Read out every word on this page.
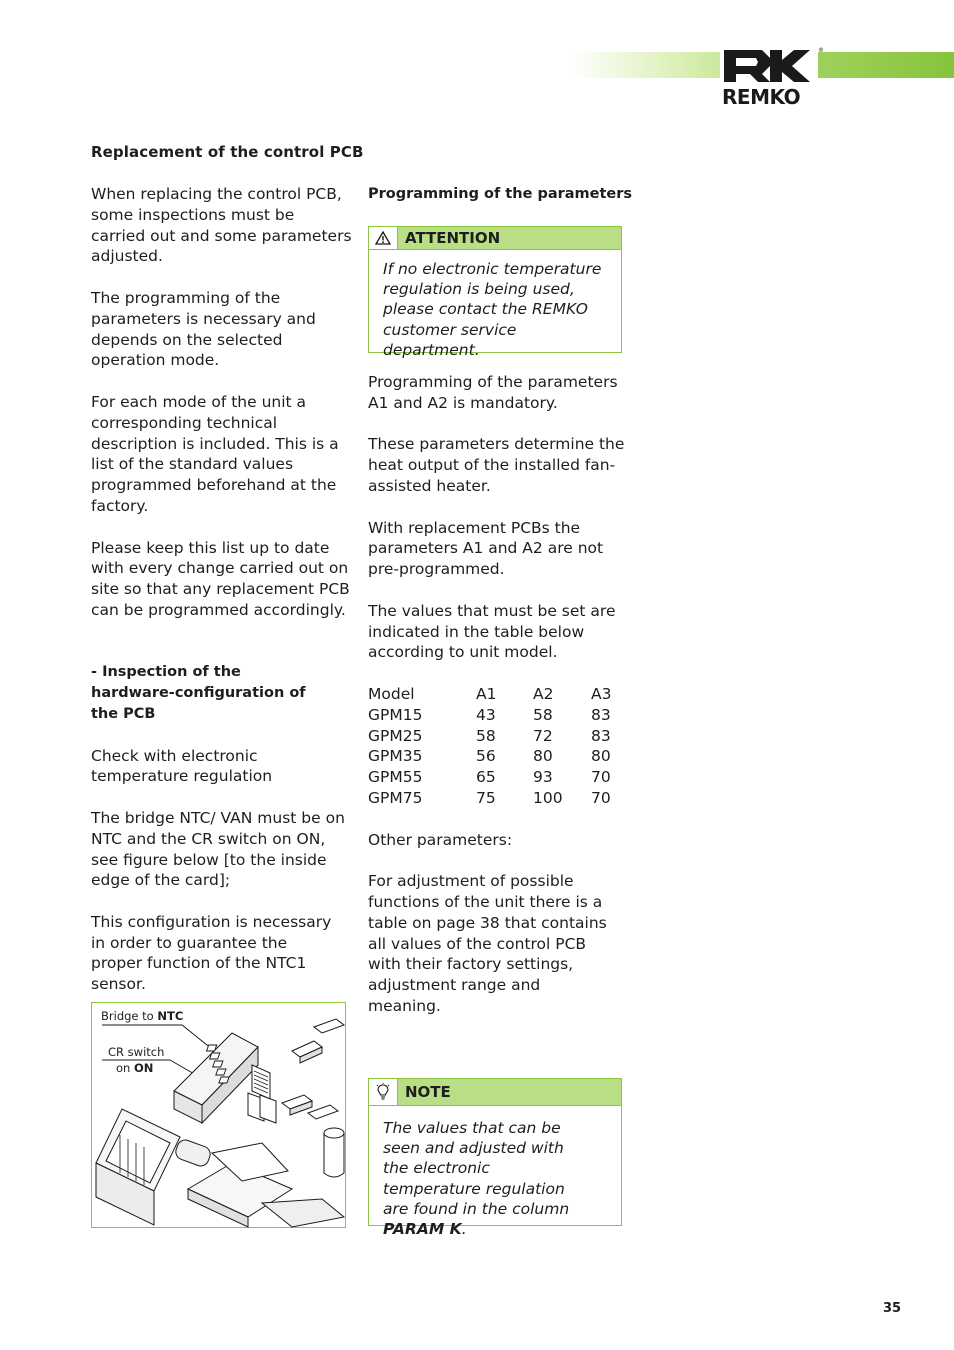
®
REMKO
Replacement of the control PCB

When replacing the control PCB, some inspections must be carried out and some parameters adjusted.

The programming of the parameters is necessary and depends on the selected operation mode.

For each mode of the unit a corresponding technical description is included. This is a list of the standard values programmed beforehand at the factory.

Please keep this list up to date with every change carried out on site so that any replacement PCB can be programmed accordingly.

- Inspection of the hardware-configuration of the PCB

Check with electronic temperature regulation

The bridge NTC/ VAN must be on NTC and the CR switch on ON, see figure below [to the inside edge of the card];

This configuration is necessary in order to guarantee the proper function of the NTC1 sensor.

Bridge to NTC
CR switch
on ON
Programming of the parameters
ATTENTION
If no electronic temperature regulation is being used, please contact the REMKO customer service department.

Programming of the parameters A1 and A2 is mandatory.

These parameters determine the heat output of the installed fan-assisted heater.

With replacement PCBs the parameters A1 and A2 are not pre-programmed.

The values that must be set are indicated in the table below according to unit model.

Model	A1	A2	A3
GPM15	43	58	83
GPM25	58	72	83
GPM35	56	80	80
GPM55	65	93	70
GPM75	75	100	70

Other parameters:

For adjustment of possible functions of the unit there is a table on page 38 that contains all values of the control PCB with their factory settings, adjustment range and meaning.

NOTE
The values that can be seen and adjusted with the electronic temperature regulation are found in the column PARAM K.
35
